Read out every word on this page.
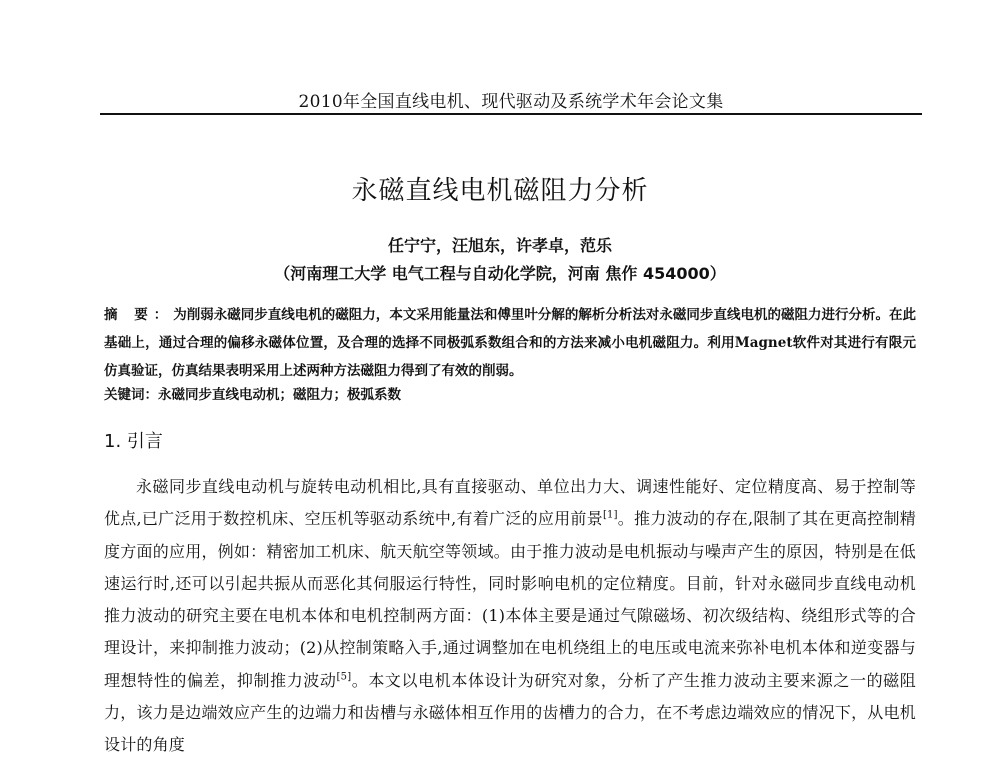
2010年全国直线电机、现代驱动及系统学术年会论文集
永磁直线电机磁阻力分析
任宁宁，汪旭东，许孝卓，范乐
（河南理工大学 电气工程与自动化学院，河南 焦作 454000）
摘 要：为削弱永磁同步直线电机的磁阻力，本文采用能量法和傅里叶分解的解析分析法对永磁同步直线电机的磁阻力进行分析。在此基础上，通过合理的偏移永磁体位置，及合理的选择不同极弧系数组合和的方法来减小电机磁阻力。利用Magnet软件对其进行有限元仿真验证，仿真结果表明采用上述两种方法磁阻力得到了有效的削弱。
关键词：永磁同步直线电动机；磁阻力；极弧系数
1. 引言
永磁同步直线电动机与旋转电动机相比,具有直接驱动、单位出力大、调速性能好、定位精度高、易于控制等优点,已广泛用于数控机床、空压机等驱动系统中,有着广泛的应用前景[1]。推力波动的存在,限制了其在更高控制精度方面的应用，例如：精密加工机床、航天航空等领域。由于推力波动是电机振动与噪声产生的原因，特别是在低速运行时,还可以引起共振从而恶化其伺服运行特性，同时影响电机的定位精度。目前，针对永磁同步直线电动机推力波动的研究主要在电机本体和电机控制两方面：(1)本体主要是通过气隙磁场、初次级结构、绕组形式等的合理设计，来抑制推力波动；(2)从控制策略入手,通过调整加在电机绕组上的电压或电流来弥补电机本体和逆变器与理想特性的偏差，抑制推力波动[5]。本文以电机本体设计为研究对象，分析了产生推力波动主要来源之一的磁阻力，该力是边端效应产生的边端力和齿槽与永磁体相互作用的齿槽力的合力，在不考虑边端效应的情况下，从电机设计的角度
